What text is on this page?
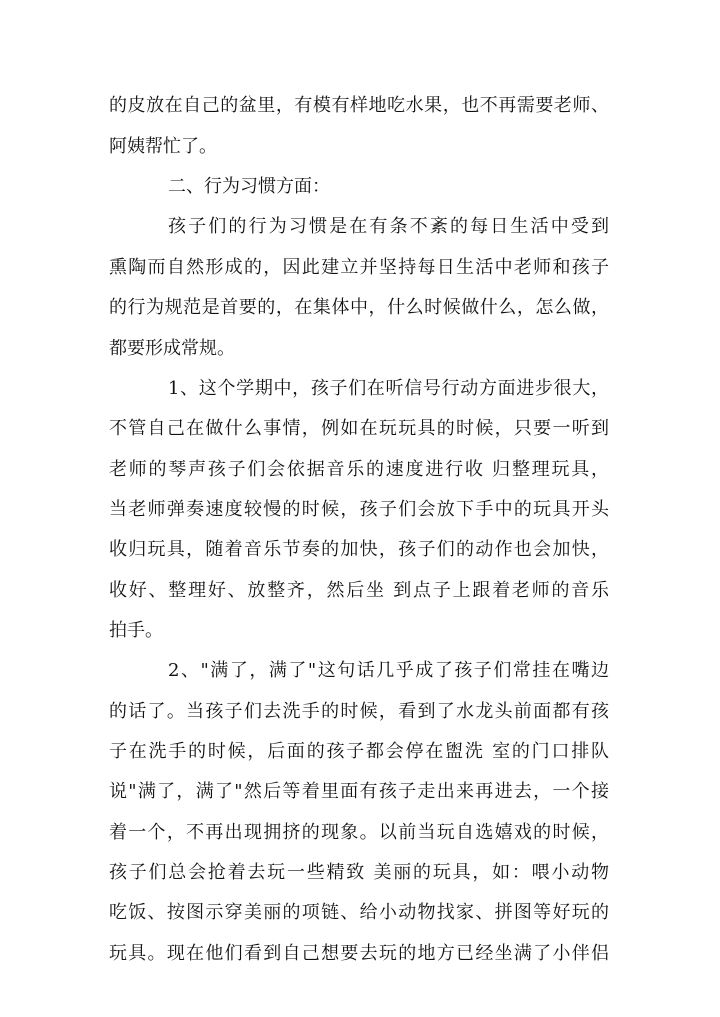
的皮放在自己的盆里，有模有样地吃水果，也不再需要老师、
阿姨帮忙了。
二、行为习惯方面：
孩子们的行为习惯是在有条不紊的每日生活中受到
熏陶而自然形成的，因此建立并坚持每日生活中老师和孩子
的行为规范是首要的，在集体中，什么时候做什么，怎么做，
都要形成常规。
1、这个学期中，孩子们在听信号行动方面进步很大，
不管自己在做什么事情，例如在玩玩具的时候，只要一听到
老师的琴声孩子们会依据音乐的速度进行收 归整理玩具，
当老师弹奏速度较慢的时候，孩子们会放下手中的玩具开头
收归玩具，随着音乐节奏的加快，孩子们的动作也会加快，
收好、整理好、放整齐，然后坐 到点子上跟着老师的音乐
拍手。
2、"满了，满了"这句话几乎成了孩子们常挂在嘴边
的话了。当孩子们去洗手的时候，看到了水龙头前面都有孩
子在洗手的时候，后面的孩子都会停在盥洗 室的门口排队
说"满了，满了"然后等着里面有孩子走出来再进去，一个接
着一个，不再出现拥挤的现象。以前当玩自选嬉戏的时候，
孩子们总会抢着去玩一些精致 美丽的玩具，如：喂小动物
吃饭、按图示穿美丽的项链、给小动物找家、拼图等好玩的
玩具。现在他们看到自己想要去玩的地方已经坐满了小伴侣
